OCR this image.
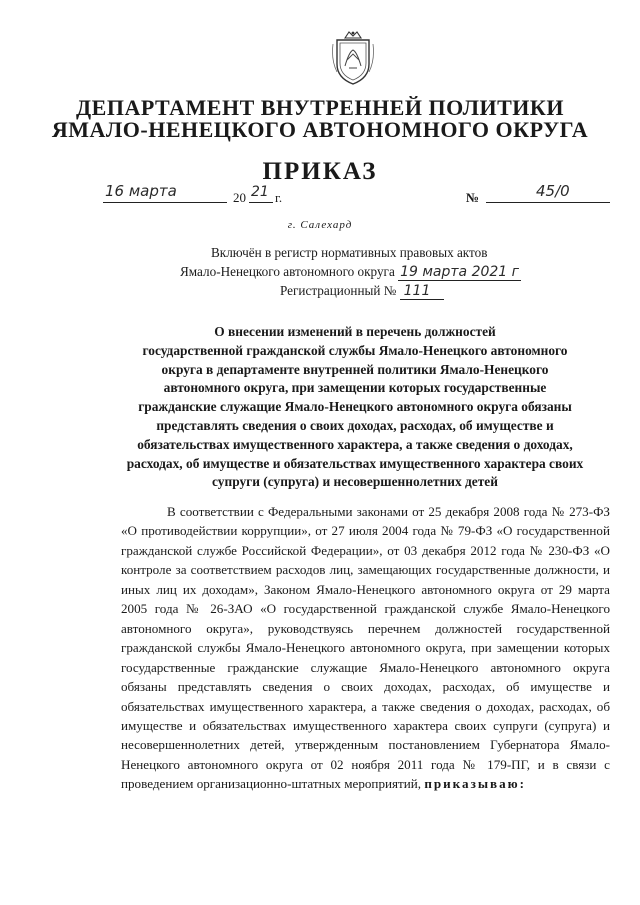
ДЕПАРТАМЕНТ ВНУТРЕННЕЙ ПОЛИТИКИ
ЯМАЛО-НЕНЕЦКОГО АВТОНОМНОГО ОКРУГА
ПРИКАЗ
16 марта	20 21 г.	№	45/0
г. Салехард
Включён в регистр нормативных правовых актов
Ямало-Ненецкого автономного округа 19 марта 2021 г
Регистрационный № 111
О внесении изменений в перечень должностей
государственной гражданской службы Ямало-Ненецкого автономного
округа в департаменте внутренней политики Ямало-Ненецкого
автономного округа, при замещении которых государственные
гражданские служащие Ямало-Ненецкого автономного округа обязаны
представлять сведения о своих доходах, расходах, об имуществе и
обязательствах имущественного характера, а также сведения о доходах,
расходах, об имуществе и обязательствах имущественного характера своих
супруги (супруга) и несовершеннолетних детей
В соответствии с Федеральными законами от 25 декабря 2008 года № 273-ФЗ «О противодействии коррупции», от 27 июля 2004 года № 79-ФЗ «О государственной гражданской службе Российской Федерации», от 03 декабря 2012 года № 230-ФЗ «О контроле за соответствием расходов лиц, замещающих государственные должности, и иных лиц их доходам», Законом Ямало-Ненецкого автономного округа от 29 марта 2005 года № 26-ЗАО «О государственной гражданской службе Ямало-Ненецкого автономного округа», руководствуясь перечнем должностей государственной гражданской службы Ямало-Ненецкого автономного округа, при замещении которых государственные гражданские служащие Ямало-Ненецкого автономного округа обязаны представлять сведения о своих доходах, расходах, об имуществе и обязательствах имущественного характера, а также сведения о доходах, расходах, об имуществе и обязательствах имущественного характера своих супруги (супруга) и несовершеннолетних детей, утвержденным постановлением Губернатора Ямало-Ненецкого автономного округа от 02 ноября 2011 года № 179-ПГ, и в связи с проведением организационно-штатных мероприятий, приказываю:
